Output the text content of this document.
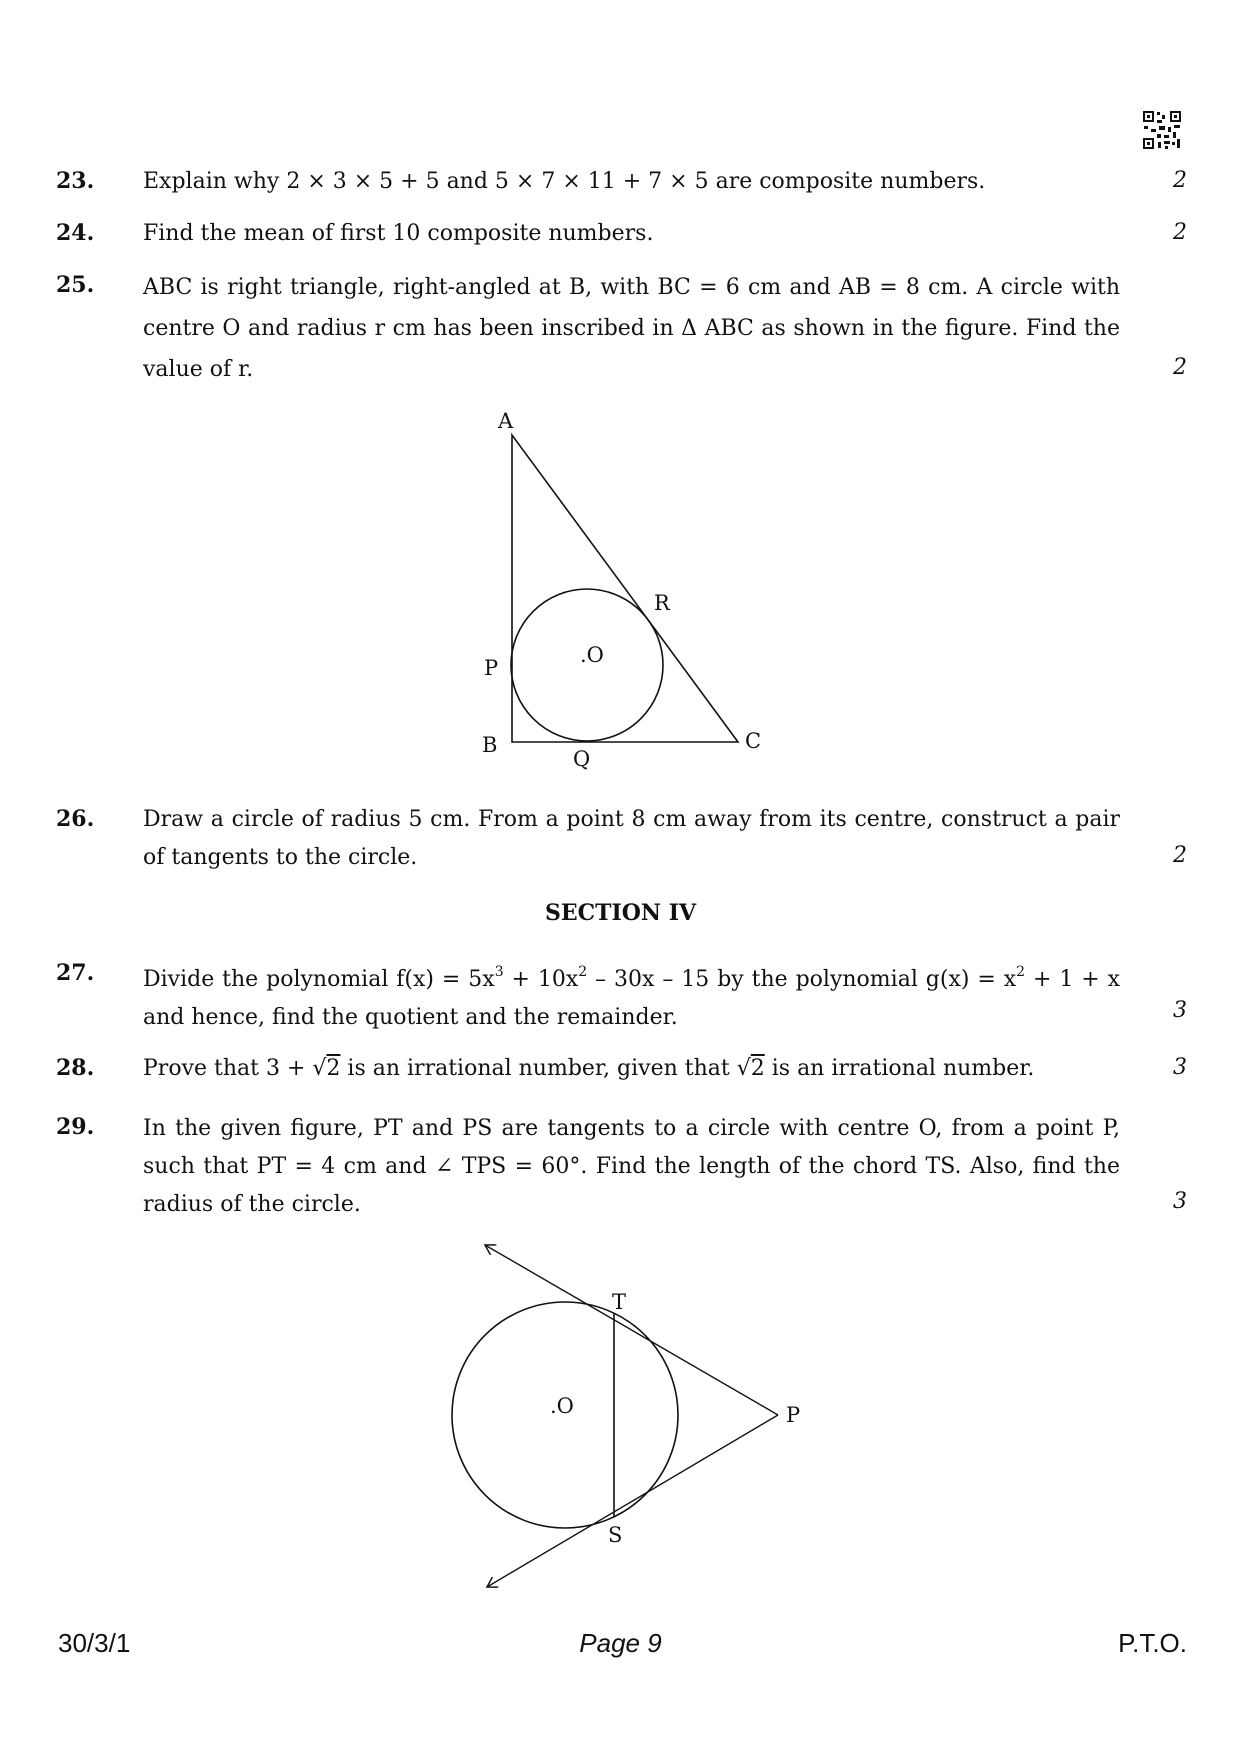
23. Explain why 2 × 3 × 5 + 5 and 5 × 7 × 11 + 7 × 5 are composite numbers.	2
24. Find the mean of first 10 composite numbers.	2
25. ABC is right triangle, right-angled at B, with BC = 6 cm and AB = 8 cm. A circle with centre O and radius r cm has been inscribed in Δ ABC as shown in the figure. Find the value of r.	2
A
B	C
P
Q
R
.O
26. Draw a circle of radius 5 cm. From a point 8 cm away from its centre, construct a pair of tangents to the circle.	2
SECTION IV
27. Divide the polynomial $f(x) = 5x^3 + 10x^2 - 30x - 15$ by the polynomial $g(x) = x^2 + 1 + x$ and hence, find the quotient and the remainder.	3
28. Prove that 3 + √2 is an irrational number, given that √2 is an irrational number.	3
29. In the given figure, PT and PS are tangents to a circle with centre O, from a point P, such that PT = 4 cm and ∠ TPS = 60°. Find the length of the chord TS. Also, find the radius of the circle.	3
T
S
P
.O
30/3/1	Page 9	P.T.O.
